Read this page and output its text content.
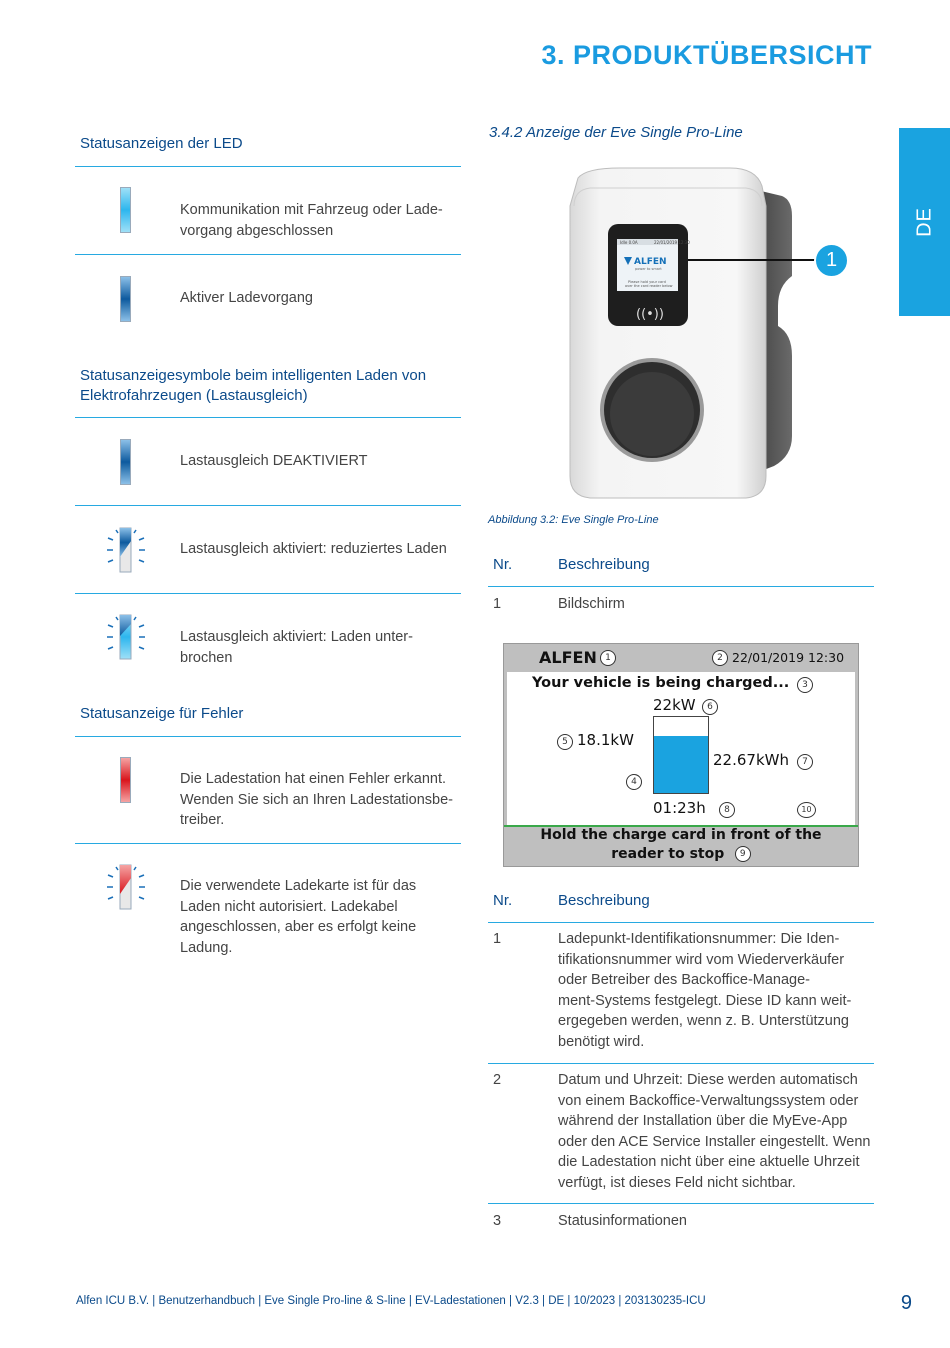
3. PRODUKTÜBERSICHT
DE
Statusanzeigen der LED
Kommunikation mit Fahrzeug oder Lade-
vorgang abgeschlossen
Aktiver Ladevorgang
Statusanzeigesymbole beim intelligenten Laden von
Elektrofahrzeugen (Lastausgleich)
Lastausgleich DEAKTIVIERT
Lastausgleich aktiviert: reduziertes Laden
Lastausgleich aktiviert: Laden unter-
brochen
Statusanzeige für Fehler
Die Ladestation hat einen Fehler erkannt.
Wenden Sie sich an Ihren Ladestationsbe-
treiber.
Die verwendete Ladekarte ist für das
Laden nicht autorisiert. Ladekabel
angeschlossen, aber es erfolgt keine
Ladung.
3.4.2 Anzeige der Eve Single Pro-Line
Idle 0.0A	22/01/2019 12:30
ALFEN
power to smart
Please hold your card
over the card reader below
((•))
1
Abbildung 3.2: Eve Single Pro-Line
Nr.	Beschreibung
1	Bildschirm
ALFEN 1	2 22/01/2019 12:30
Your vehicle is being charged...	3
22kW	6
5 18.1kW
22.67kWh	7
4
01:23h	8	10
Hold the charge card in front of the
reader to stop 9
Nr.	Beschreibung
1	Ladepunkt-Identifikationsnummer: Die Iden-
tifikationsnummer wird vom Wiederverkäufer
oder Betreiber des Backoffice-Manage-
ment-Systems festgelegt. Diese ID kann weit-
ergegeben werden, wenn z. B. Unterstützung
benötigt wird.
2	Datum und Uhrzeit: Diese werden automatisch
von einem Backoffice-Verwaltungssystem oder
während der Installation über die MyEve-App
oder den ACE Service Installer eingestellt. Wenn
die Ladestation nicht über eine aktuelle Uhrzeit
verfügt, ist dieses Feld nicht sichtbar.
3	Statusinformationen
Alfen ICU B.V. | Benutzerhandbuch | Eve Single Pro-line & S-line | EV-Ladestationen | V2.3 | DE | 10/2023 | 203130235-ICU	9
